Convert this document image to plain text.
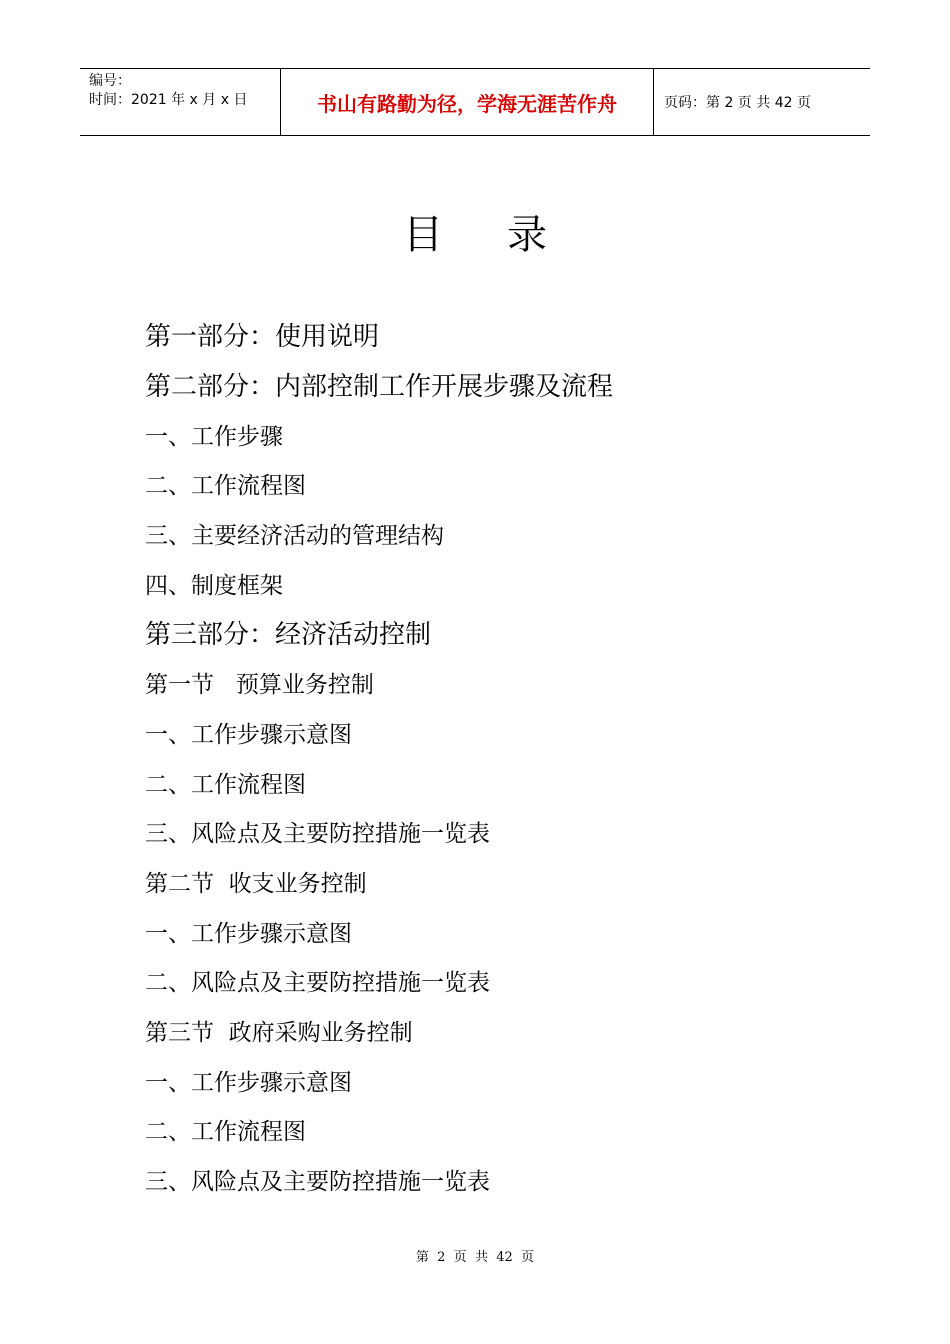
编号：
时间：2021 年 x 月 x 日	书山有路勤为径，学海无涯苦作舟	页码：第 2 页 共 42 页
目 录
第一部分：使用说明
第二部分：内部控制工作开展步骤及流程
一、工作步骤
二、工作流程图
三、主要经济活动的管理结构
四、制度框架
第三部分：经济活动控制
第一节   预算业务控制
一、工作步骤示意图
二、工作流程图
三、风险点及主要防控措施一览表
第二节  收支业务控制
一、工作步骤示意图
二、风险点及主要防控措施一览表
第三节  政府采购业务控制
一、工作步骤示意图
二、工作流程图
三、风险点及主要防控措施一览表
第  2  页  共  42  页
